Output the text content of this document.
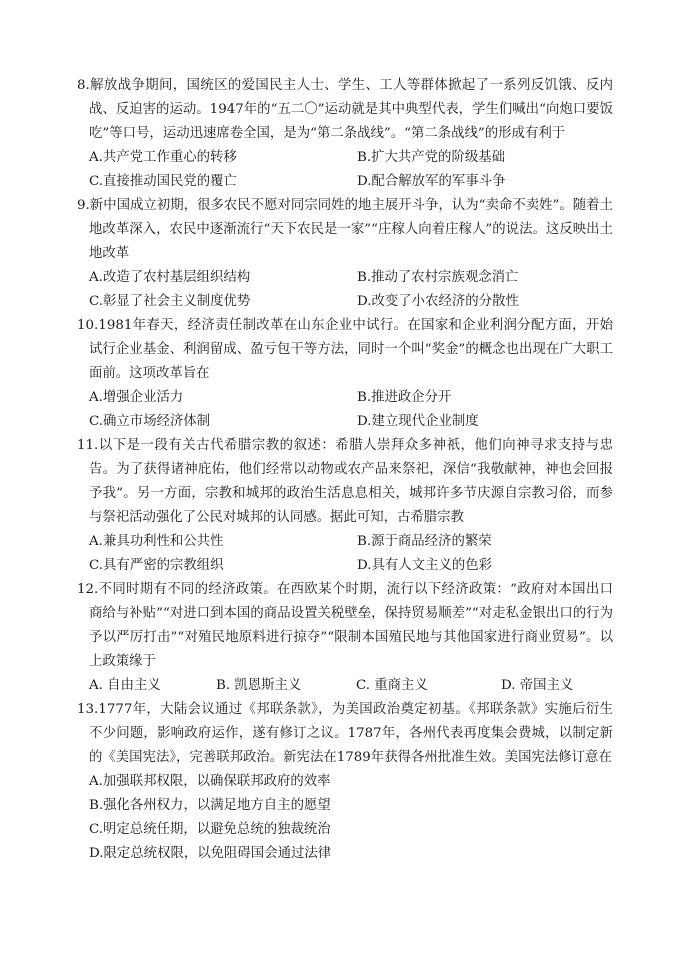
8.解放战争期间，国统区的爱国民主人士、学生、工人等群体掀起了一系列反饥饿、反内战、反迫害的运动。1947年的“五二〇”运动就是其中典型代表，学生们喊出“向炮口要饭吃”等口号，运动迅速席卷全国，是为“第二条战线”。“第二条战线”的形成有利于

A.共产党工作重心的转移	B.扩大共产党的阶级基础
C.直接推动国民党的覆亡	D.配合解放军的军事斗争

9.新中国成立初期，很多农民不愿对同宗同姓的地主展开斗争，认为“卖命不卖姓”。随着土地改革深入，农民中逐渐流行“天下农民是一家”“庄稼人向着庄稼人”的说法。这反映出土地改革

A.改造了农村基层组织结构	B.推动了农村宗族观念消亡
C.彰显了社会主义制度优势	D.改变了小农经济的分散性

10.1981年春天，经济责任制改革在山东企业中试行。在国家和企业利润分配方面，开始试行企业基金、利润留成、盈亏包干等方法，同时一个叫“奖金”的概念也出现在广大职工面前。这项改革旨在

A.增强企业活力	B.推进政企分开
C.确立市场经济体制	D.建立现代企业制度

11.以下是一段有关古代希腊宗教的叙述：希腊人崇拜众多神祇，他们向神寻求支持与忠告。为了获得诸神庇佑，他们经常以动物或农产品来祭祀，深信“我敬献神，神也会回报予我”。另一方面，宗教和城邦的政治生活息息相关，城邦许多节庆源自宗教习俗，而参与祭祀活动强化了公民对城邦的认同感。据此可知，古希腊宗教

A.兼具功利性和公共性	B.源于商品经济的繁荣
C.具有严密的宗教组织	D.具有人文主义的色彩

12.不同时期有不同的经济政策。在西欧某个时期，流行以下经济政策：“政府对本国出口商给与补贴”“对进口到本国的商品设置关税壁垒，保持贸易顺差”“对走私金银出口的行为予以严厉打击”“对殖民地原料进行掠夺”“限制本国殖民地与其他国家进行商业贸易”。以上政策缘于

A. 自由主义	B. 凯恩斯主义	C. 重商主义	D. 帝国主义

13.1777年，大陆会议通过《邦联条款》，为美国政治奠定初基。《邦联条款》实施后衍生不少问题，影响政府运作，遂有修订之议。1787年，各州代表再度集会费城，以制定新的《美国宪法》，完善联邦政治。新宪法在1789年获得各州批准生效。美国宪法修订意在

A.加强联邦权限，以确保联邦政府的效率
B.强化各州权力，以满足地方自主的愿望
C.明定总统任期，以避免总统的独裁统治
D.限定总统权限，以免阻碍国会通过法律
